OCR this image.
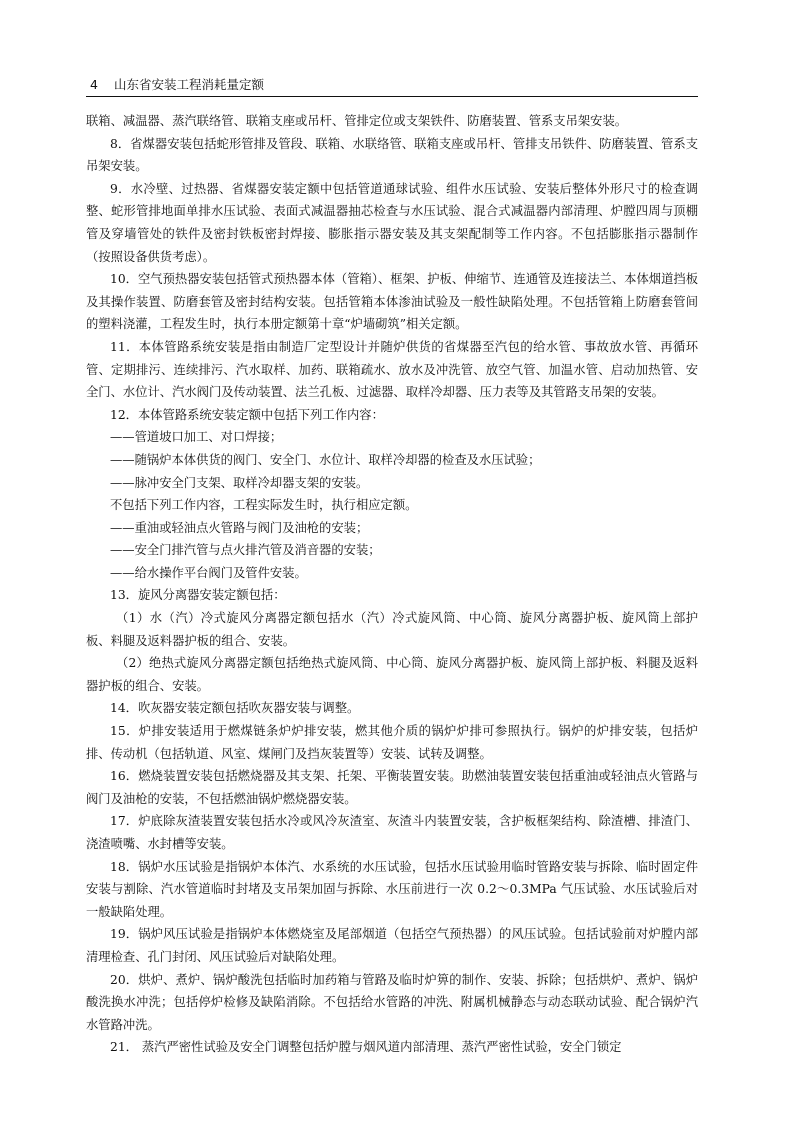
4 山东省安装工程消耗量定额

联箱、减温器、蒸汽联络管、联箱支座或吊杆、管排定位或支架铁件、防磨装置、管系支吊架安装。

8．省煤器安装包括蛇形管排及管段、联箱、水联络管、联箱支座或吊杆、管排支吊铁件、防磨装置、管系支吊架安装。

9．水冷壁、过热器、省煤器安装定额中包括管道通球试验、组件水压试验、安装后整体外形尺寸的检查调整、蛇形管排地面单排水压试验、表面式减温器抽芯检查与水压试验、混合式减温器内部清理、炉膛四周与顶棚管及穿墙管处的铁件及密封铁板密封焊接、膨胀指示器安装及其支架配制等工作内容。不包括膨胀指示器制作（按照设备供货考虑）。

10．空气预热器安装包括管式预热器本体（管箱）、框架、护板、伸缩节、连通管及连接法兰、本体烟道挡板及其操作装置、防磨套管及密封结构安装。包括管箱本体渗油试验及一般性缺陷处理。不包括管箱上防磨套管间的塑料浇灌，工程发生时，执行本册定额第十章“炉墙砌筑”相关定额。

11．本体管路系统安装是指由制造厂定型设计并随炉供货的省煤器至汽包的给水管、事故放水管、再循环管、定期排污、连续排污、汽水取样、加药、联箱疏水、放水及冲洗管、放空气管、加温水管、启动加热管、安全门、水位计、汽水阀门及传动装置、法兰孔板、过滤器、取样冷却器、压力表等及其管路支吊架的安装。

12．本体管路系统安装定额中包括下列工作内容：

——管道坡口加工、对口焊接；

——随锅炉本体供货的阀门、安全门、水位计、取样冷却器的检查及水压试验；

——脉冲安全门支架、取样冷却器支架的安装。

不包括下列工作内容，工程实际发生时，执行相应定额。

——重油或轻油点火管路与阀门及油枪的安装；

——安全门排汽管与点火排汽管及消音器的安装；

——给水操作平台阀门及管件安装。

13．旋风分离器安装定额包括：

（1）水（汽）冷式旋风分离器定额包括水（汽）冷式旋风筒、中心筒、旋风分离器护板、旋风筒上部护板、料腿及返料器护板的组合、安装。

（2）绝热式旋风分离器定额包括绝热式旋风筒、中心筒、旋风分离器护板、旋风筒上部护板、料腿及返料器护板的组合、安装。

14．吹灰器安装定额包括吹灰器安装与调整。

15．炉排安装适用于燃煤链条炉炉排安装，燃其他介质的锅炉炉排可参照执行。锅炉的炉排安装，包括炉排、传动机（包括轨道、风室、煤闸门及挡灰装置等）安装、试转及调整。

16．燃烧装置安装包括燃烧器及其支架、托架、平衡装置安装。助燃油装置安装包括重油或轻油点火管路与阀门及油枪的安装，不包括燃油锅炉燃烧器安装。

17．炉底除灰渣装置安装包括水冷或风冷灰渣室、灰渣斗内装置安装，含护板框架结构、除渣槽、排渣门、浇渣喷嘴、水封槽等安装。

18．锅炉水压试验是指锅炉本体汽、水系统的水压试验，包括水压试验用临时管路安装与拆除、临时固定件安装与割除、汽水管道临时封堵及支吊架加固与拆除、水压前进行一次 0.2～0.3MPa 气压试验、水压试验后对一般缺陷处理。

19．锅炉风压试验是指锅炉本体燃烧室及尾部烟道（包括空气预热器）的风压试验。包括试验前对炉膛内部清理检查、孔门封闭、风压试验后对缺陷处理。

20．烘炉、煮炉、锅炉酸洗包括临时加药箱与管路及临时炉箅的制作、安装、拆除；包括烘炉、煮炉、锅炉酸洗换水冲洗；包括停炉检修及缺陷消除。不包括给水管路的冲洗、附属机械静态与动态联动试验、配合锅炉汽水管路冲洗。

21． 蒸汽严密性试验及安全门调整包括炉膛与烟风道内部清理、蒸汽严密性试验，安全门锁定
